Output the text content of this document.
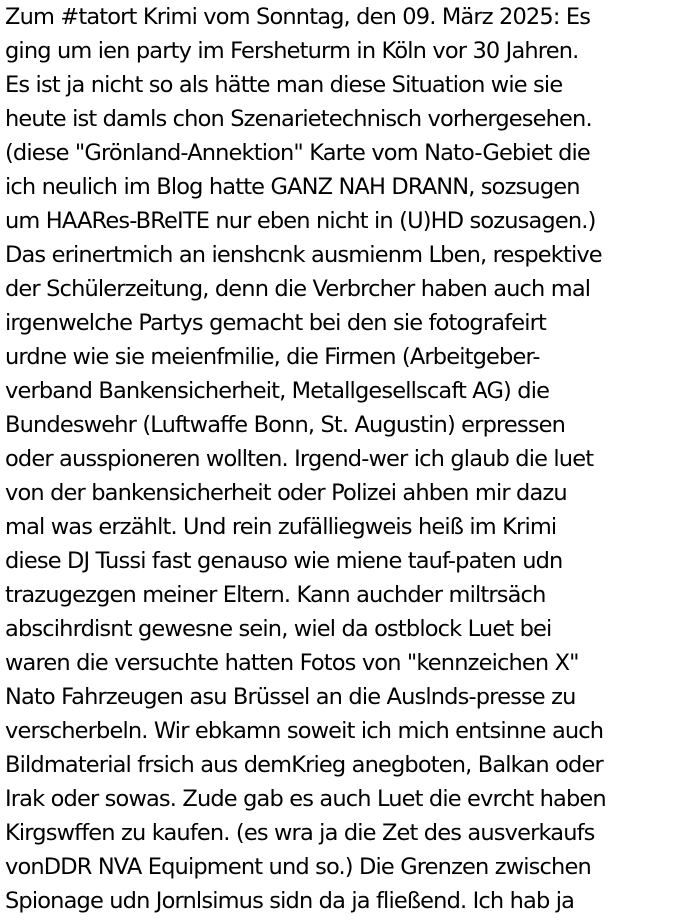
Zum #tatort Krimi vom Sonntag, den 09. März 2025: Es
ging um ien party im Fersheturm in Köln vor 30 Jahren.
Es ist ja nicht so als hätte man diese Situation wie sie
heute ist damls chon Szenarietechnisch vorhergesehen.
(diese "Grönland-Annektion" Karte vom Nato-Gebiet die
ich neulich im Blog hatte GANZ NAH DRANN, sozsugen
um HAARes-BReITE nur eben nicht in (U)HD sozusagen.)
Das erinertmich an ienshcnk ausmienm Lben, respektive
der Schülerzeitung, denn die Verbrcher haben auch mal
irgenwelche Partys gemacht bei den sie fotografeirt
urdne wie sie meienfmilie, die Firmen (Arbeitgeber-
verband Bankensicherheit, Metallgesellscaft AG) die
Bundeswehr (Luftwaffe Bonn, St. Augustin) erpressen
oder ausspioneren wollten. Irgend-wer ich glaub die luet
von der bankensicherheit oder Polizei ahben mir dazu
mal was erzählt. Und rein zufälliegweis heiß im Krimi
diese DJ Tussi fast genauso wie miene tauf-paten udn
trazugezgen meiner Eltern. Kann auchder miltrsäch
abscihrdisnt gewesne sein, wiel da ostblock Luet bei
waren die versuchte hatten Fotos von "kennzeichen X"
Nato Fahrzeugen asu Brüssel an die Auslnds-presse zu
verscherbeln. Wir ebkamn soweit ich mich entsinne auch
Bildmaterial frsich aus demKrieg anegboten, Balkan oder
Irak oder sowas. Zude gab es auch Luet die evrcht haben
Kirgswffen zu kaufen. (es wra ja die Zet des ausverkaufs
vonDDR NVA Equipment und so.) Die Grenzen zwischen
Spionage udn Jornlsimus sidn da ja fließend. Ich hab ja
